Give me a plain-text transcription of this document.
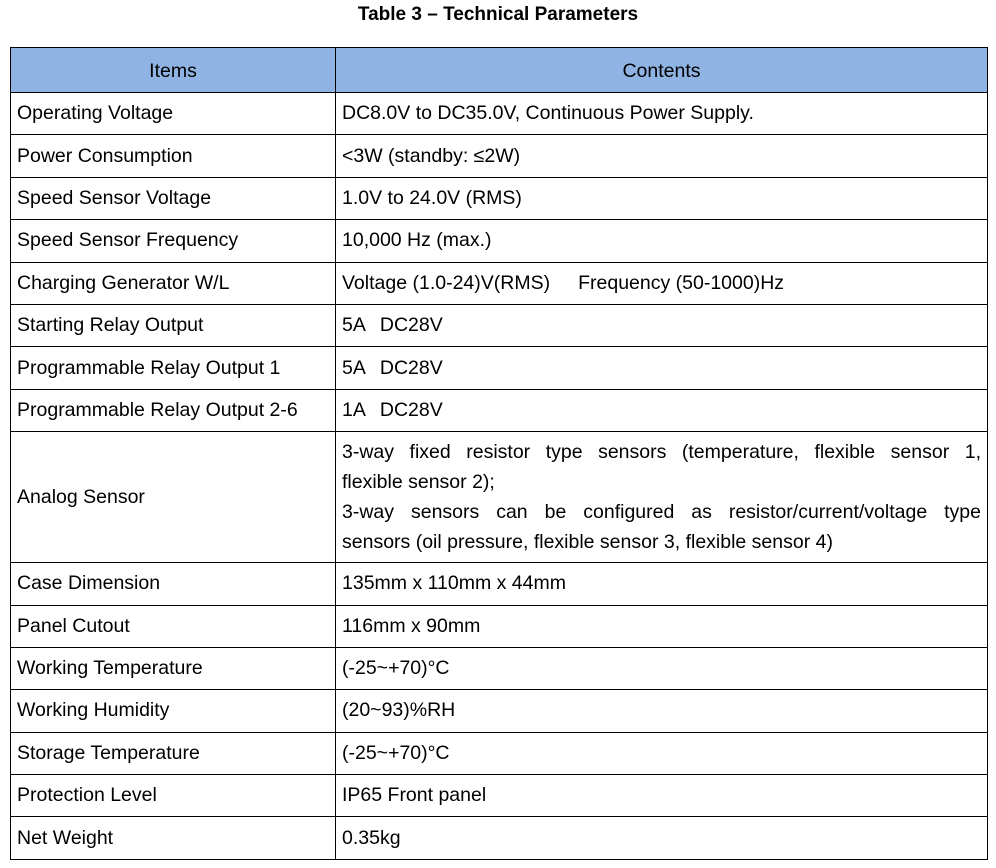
Table 3 – Technical Parameters
Items	Contents
Operating Voltage	DC8.0V to DC35.0V, Continuous Power Supply.
Power Consumption	<3W (standby: ≤2W)
Speed Sensor Voltage	1.0V to 24.0V (RMS)
Speed Sensor Frequency	10,000 Hz (max.)
Charging Generator W/L	Voltage (1.0-24)V(RMS) Frequency (50-1000)Hz
Starting Relay Output	5A DC28V
Programmable Relay Output 1	5A DC28V
Programmable Relay Output 2-6	1A DC28V
Analog Sensor	3-way fixed resistor type sensors (temperature, flexible sensor 1,
flexible sensor 2);
3-way sensors can be configured as resistor/current/voltage type
sensors (oil pressure, flexible sensor 3, flexible sensor 4)

Case Dimension	135mm x 110mm x 44mm
Panel Cutout	116mm x 90mm
Working Temperature	(-25~+70)°C
Working Humidity	(20~93)%RH
Storage Temperature	(-25~+70)°C
Protection Level	IP65 Front panel
Net Weight	0.35kg
